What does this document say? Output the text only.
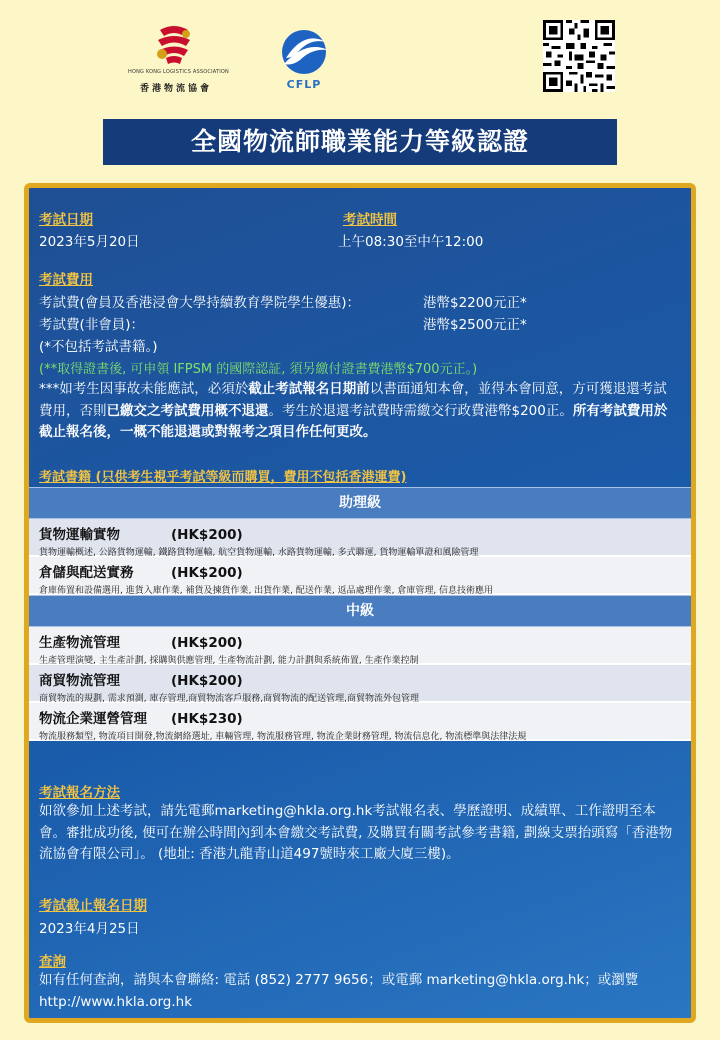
HONG KONG LOGISTICS ASSOCIATION
香港物流協會	CFLP
全國物流師職業能力等級認證
考試日期
2023年5月20日
考試時間
上午08:30至中午12:00
考試費用
考試費(會員及香港浸會大學持續教育學院學生優惠)：	港幣$2200元正*
考試費(非會員)：	港幣$2500元正*
(*不包括考試書籍。)
(**取得證書後, 可申領 IFPSM 的國際認証, 須另繳付證書費港幣$700元正。)
***如考生因事故未能應試，必須於截止考試報名日期前以書面通知本會，並得本會同意，方可獲退還考試費用，否則已繳交之考試費用概不退還。考生於退還考試費時需繳交行政費港幣$200正。所有考試費用於截止報名後，一概不能退還或對報考之項目作任何更改。
考試書籍 (只供考生視乎考試等級而購買，費用不包括香港運費)
助理級
貨物運輸實物	(HK$200)
貨物運輸概述, 公路貨物運輸, 鐵路貨物運輸, 航空貨物運輸, 水路貨物運輸, 多式聯運, 貨物運輸單證和風險管理
倉儲與配送實務	(HK$200)
倉庫佈置和設備選用, 進貨入庫作業, 補貨及揀貨作業, 出貨作業, 配送作業, 返品處理作業, 倉庫管理, 信息技術應用
中級
生產物流管理	(HK$200)
生產管理演變, 主生產計劃, 採購與供應管理, 生產物流計劃, 能力計劃與系統佈置, 生產作業控制
商貿物流管理	(HK$200)
商貿物流的規劃, 需求預測, 庫存管理,商貿物流客戶服務,商貿物流的配送管理,商貿物流外包管理
物流企業運營管理 (HK$230)
物流服務類型, 物流項目開發,物流網絡選址, 車輛管理, 物流服務管理, 物流企業財務管理, 物流信息化, 物流標準與法律法規
考試報名方法
如欲參加上述考試，請先電郵marketing@hkla.org.hk考試報名表、學歷證明、成績單、工作證明至本會。審批成功後, 便可在辦公時間內到本會繳交考試費, 及購買有關考試參考書籍, 劃線支票抬頭寫「香港物流協會有限公司」。 (地址: 香港九龍青山道497號時來工廠大廈三樓)。
考試截止報名日期
2023年4月25日
查詢
如有任何查詢，請與本會聯絡: 電話 (852) 2777 9656；或電郵 marketing@hkla.org.hk；或瀏覽http://www.hkla.org.hk
